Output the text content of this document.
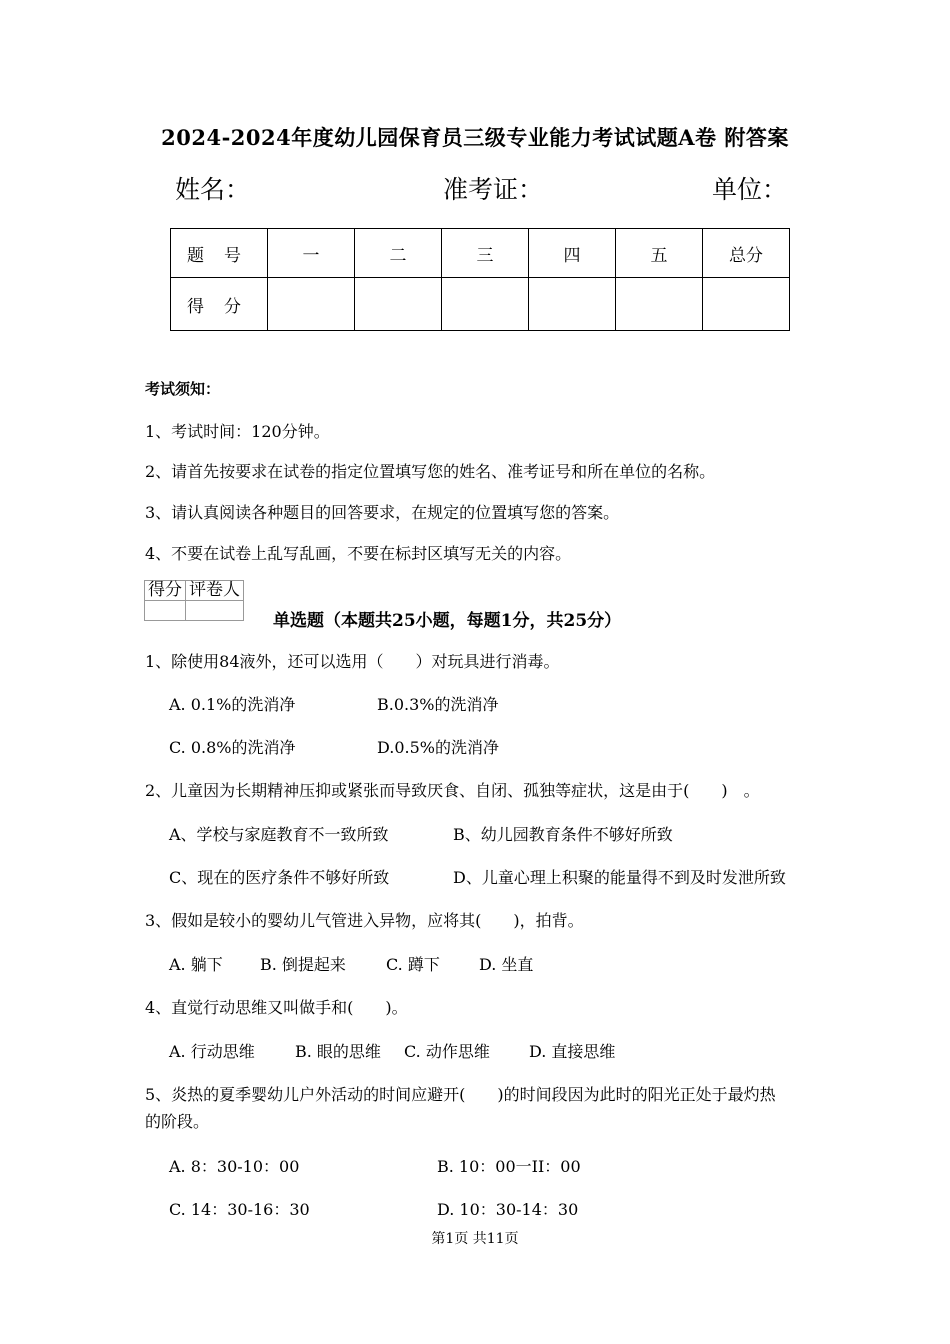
2024-2024年度幼儿园保育员三级专业能力考试试题A卷 附答案
姓名：	准考证：	单位：
题号	一	二	三	四	五	总分
得分						
考试须知：
1、考试时间：120分钟。
2、请首先按要求在试卷的指定位置填写您的姓名、准考证号和所在单位的名称。
3、请认真阅读各种题目的回答要求，在规定的位置填写您的答案。
4、不要在试卷上乱写乱画，不要在标封区填写无关的内容。
得分	评卷人

单选题（本题共25小题，每题1分，共25分）
1、除使用84液外，还可以选用（　　）对玩具进行消毒。
A. 0.1%的洗消净	B.0.3%的洗消净
C. 0.8%的洗消净	D.0.5%的洗消净
2、儿童因为长期精神压抑或紧张而导致厌食、自闭、孤独等症状，这是由于(　　)　。
A、学校与家庭教育不一致所致	B、幼儿园教育条件不够好所致
C、现在的医疗条件不够好所致	D、儿童心理上积聚的能量得不到及时发泄所致
3、假如是较小的婴幼儿气管进入异物，应将其(　　)，拍背。
A. 躺下 B. 倒提起来	C. 蹲下 D. 坐直
4、直觉行动思维又叫做手和(　　)。
A. 行动思维	B. 眼的思维 C. 动作思维 D. 直接思维
5、炎热的夏季婴幼儿户外活动的时间应避开(　　)的时间段因为此时的阳光正处于最灼热
的阶段。
A. 8：30-10：00	B. 10：00一II：00
C. 14：30-16：30	D. 10：30-14：30
第1页 共11页
